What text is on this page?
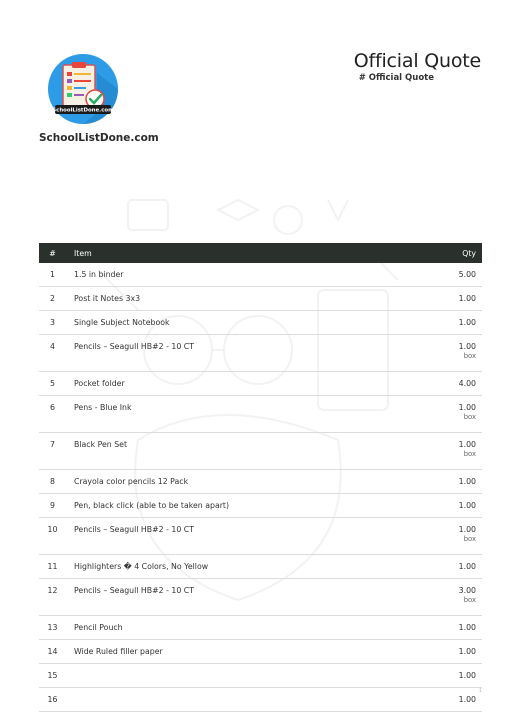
SchoolListDone.com
SchoolListDone.com
Official Quote
# Official Quote
#	Item	Qty
1	1.5 in binder	5.00
2	Post it Notes 3x3	1.00
3	Single Subject Notebook	1.00
4	Pencils – Seagull HB#2 - 10 CT	1.00
box

5	Pocket folder	4.00
6	Pens - Blue Ink	1.00
box

7	Black Pen Set	1.00
box

8	Crayola color pencils 12 Pack	1.00
9	Pen, black click (able to be taken apart)	1.00
10	Pencils – Seagull HB#2 - 10 CT	1.00
box

11	Highlighters � 4 Colors, No Yellow	1.00
12	Pencils – Seagull HB#2 - 10 CT	3.00
box

13	Pencil Pouch	1.00
14	Wide Ruled filler paper	1.00
15		1.00
16		1.00
1
